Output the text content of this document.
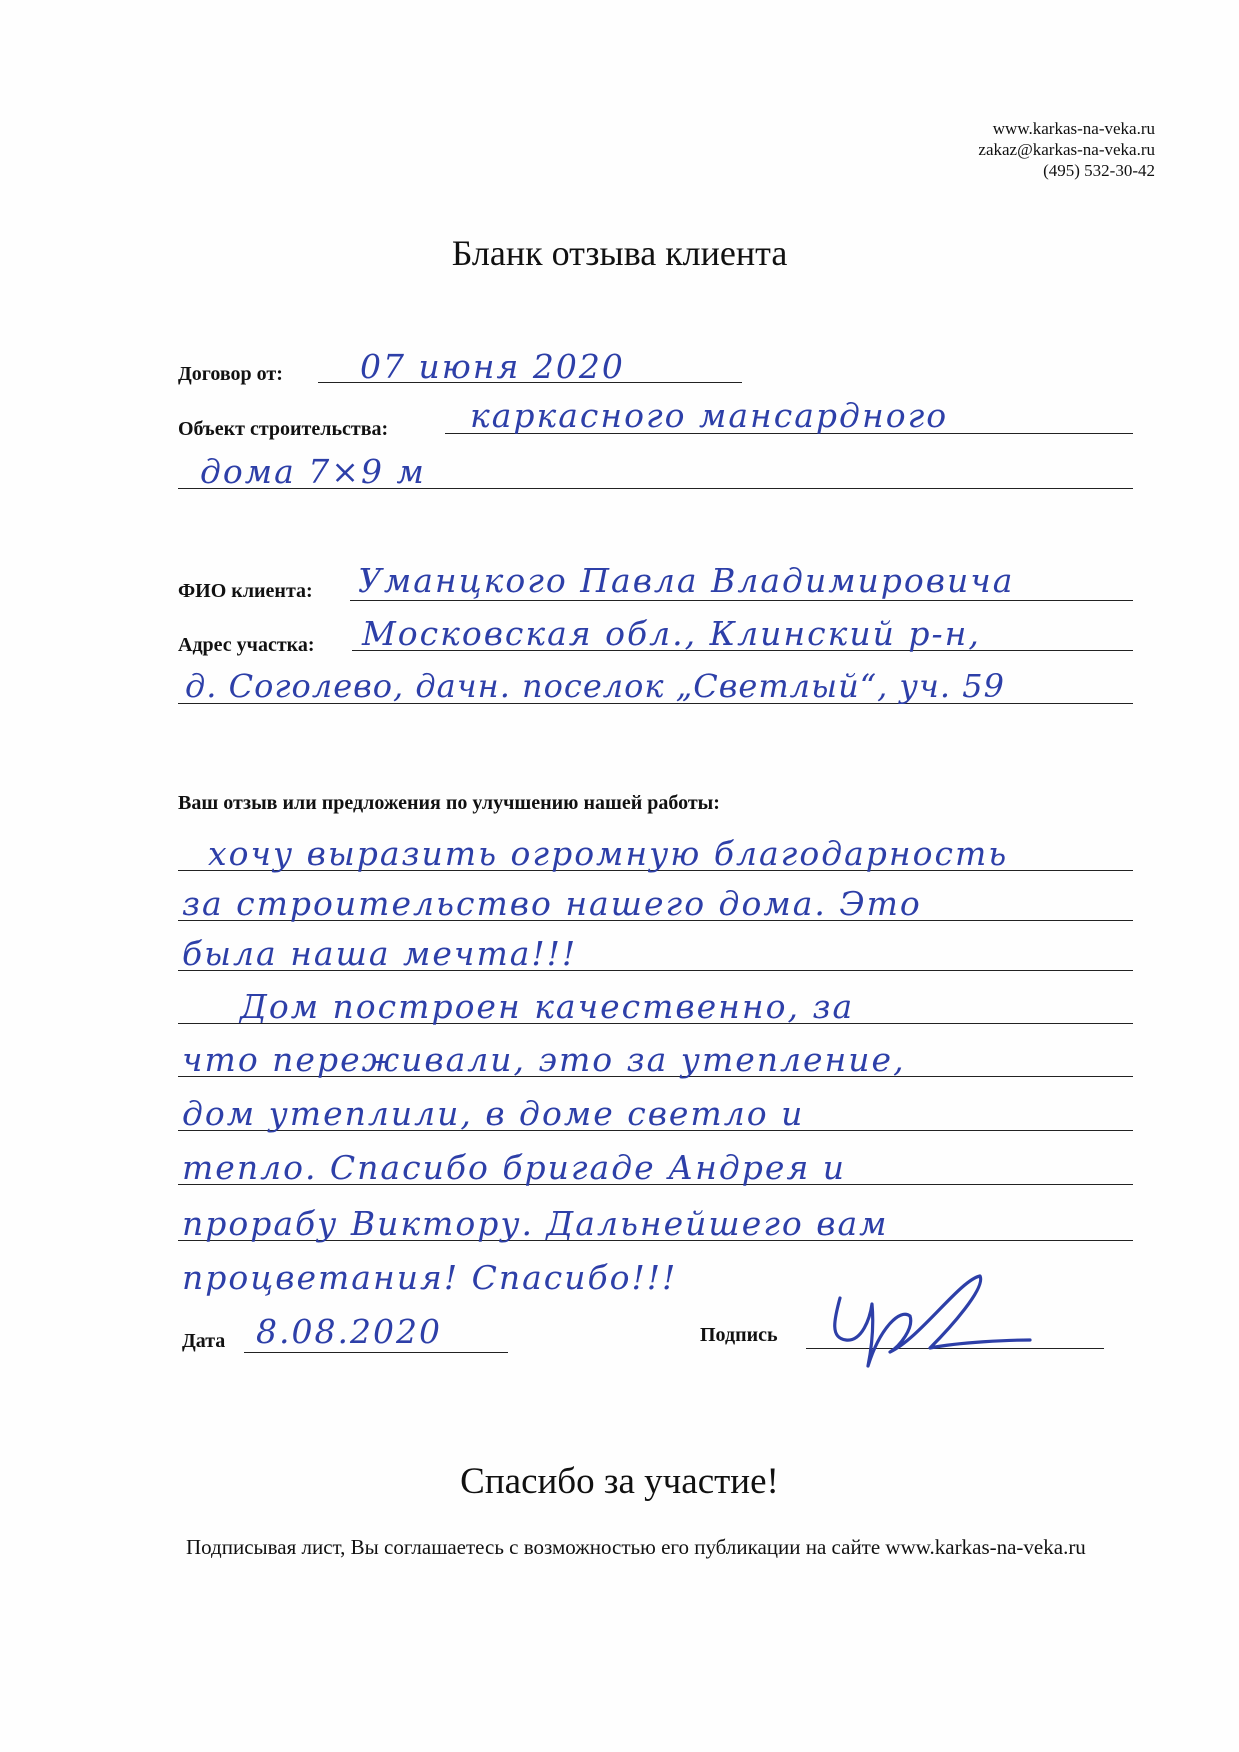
www.karkas-na-veka.ru
zakaz@karkas-na-veka.ru
(495) 532-30-42
Бланк отзыва клиента
Договор от: 07 июня 2020
Объект строительства: каркасного мансардного
дома 7×9 м
ФИО клиента: Уманцкого Павла Владимировича
Адрес участка: Московская обл., Клинский р-н,
д. Соголево, дачн. поселок „Светлый“, уч. 59
Ваш отзыв или предложения по улучшению нашей работы:
хочу выразить огромную благодарность
за строительство нашего дома. Это
была наша мечта!!!
Дом построен качественно, за
что переживали, это за утепление,
дом утеплили, в доме светло и
тепло. Спасибо бригаде Андрея и
прорабу Виктору. Дальнейшего вам
процветания! Спасибо!!!
Дата 8.08.2020	Подпись
Спасибо за участие!
Подписывая лист, Вы соглашаетесь с возможностью его публикации на сайте www.karkas-na-veka.ru
